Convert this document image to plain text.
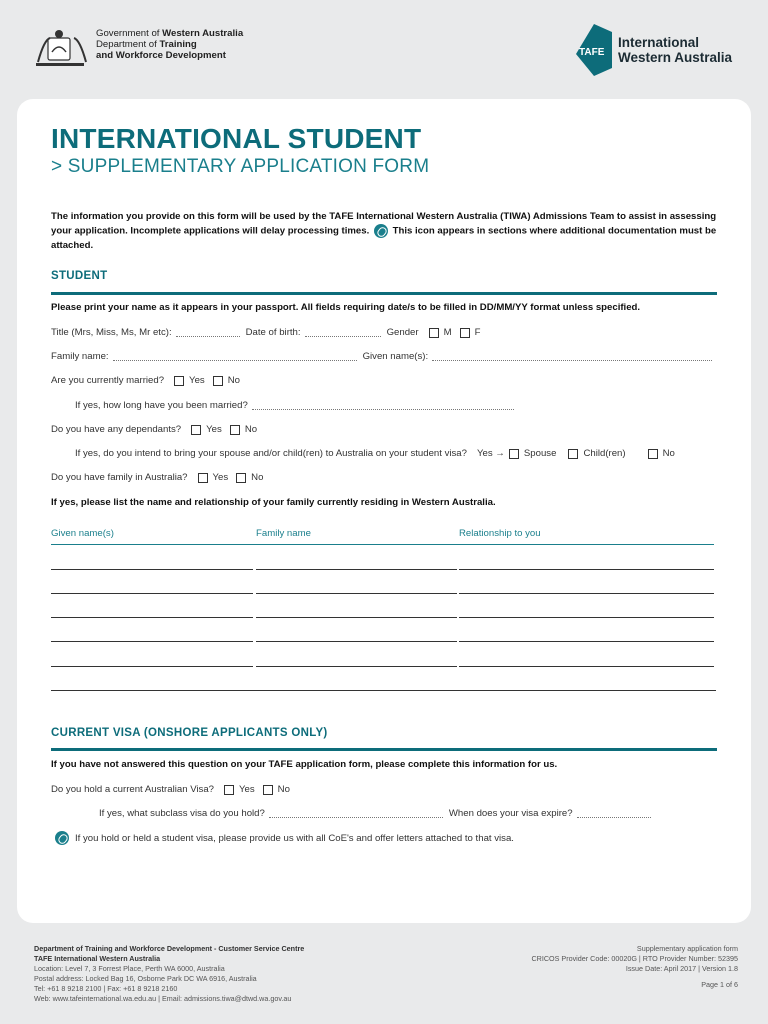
Government of Western Australia
Department of Training
and Workforce Development	TAFE
International
Western Australia
INTERNATIONAL STUDENT
> SUPPLEMENTARY APPLICATION FORM
The information you provide on this form will be used by the TAFE International Western Australia (TIWA) Admissions Team to assist in assessing your application. Incomplete applications will delay processing times. This icon appears in sections where additional documentation must be attached.
STUDENT
Please print your name as it appears in your passport. All fields requiring date/s to be filled in DD/MM/YY format unless specified.
Title (Mrs, Miss, Ms, Mr etc):	Date of birth:	Gender	M F
Family name:	Given name(s):
Are you currently married?	Yes No
If yes, how long have you been married?
Do you have any dependants?	Yes No
If yes, do you intend to bring your spouse and/or child(ren) to Australia on your student visa? Yes → Spouse	Child(ren)	No
Do you have family in Australia?	Yes No
If yes, please list the name and relationship of your family currently residing in Western Australia.
Given name(s)	Family name	Relationship to you
CURRENT VISA (ONSHORE APPLICANTS ONLY)
If you have not answered this question on your TAFE application form, please complete this information for us.
Do you hold a current Australian Visa?	Yes No
If yes, what subclass visa do you hold?	When does your visa expire?
If you hold or held a student visa, please provide us with all CoE's and offer letters attached to that visa.
Department of Training and Workforce Development - Customer Service Centre
TAFE International Western Australia
Location: Level 7, 3 Forrest Place, Perth WA 6000, Australia
Postal address: Locked Bag 16, Osborne Park DC WA 6916, Australia
Tel: +61 8 9218 2100 | Fax: +61 8 9218 2160
Web: www.tafeinternational.wa.edu.au | Email: admissions.tiwa@dtwd.wa.gov.au
Supplementary application form
CRICOS Provider Code: 00020G | RTO Provider Number: 52395
Issue Date: April 2017 | Version 1.8
Page 1 of 6
